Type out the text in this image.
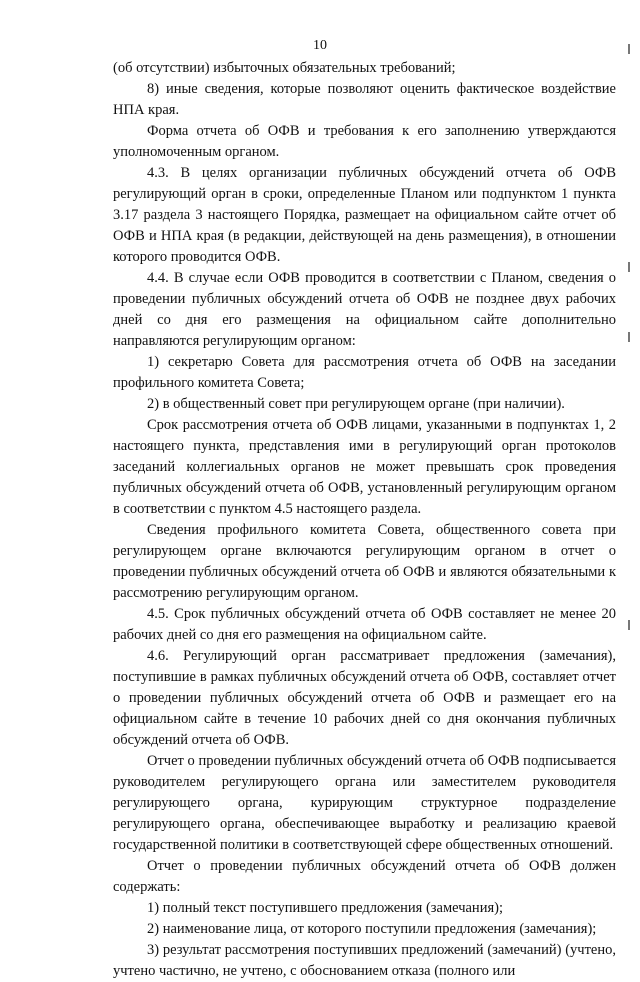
10

(об отсутствии) избыточных обязательных требований;

8) иные сведения, которые позволяют оценить фактическое воздействие НПА края.

Форма отчета об ОФВ и требования к его заполнению утверждаются уполномоченным органом.

4.3. В целях организации публичных обсуждений отчета об ОФВ регулирующий орган в сроки, определенные Планом или подпунктом 1 пункта 3.17 раздела 3 настоящего Порядка, размещает на официальном сайте отчет об ОФВ и НПА края (в редакции, действующей на день размещения), в отношении которого проводится ОФВ.

4.4. В случае если ОФВ проводится в соответствии с Планом, сведения о проведении публичных обсуждений отчета об ОФВ не позднее двух рабочих дней со дня его размещения на официальном сайте дополнительно направляются регулирующим органом:

1) секретарю Совета для рассмотрения отчета об ОФВ на заседании профильного комитета Совета;

2) в общественный совет при регулирующем органе (при наличии).

Срок рассмотрения отчета об ОФВ лицами, указанными в подпунктах 1, 2 настоящего пункта, представления ими в регулирующий орган протоколов заседаний коллегиальных органов не может превышать срок проведения публичных обсуждений отчета об ОФВ, установленный регулирующим органом в соответствии с пунктом 4.5 настоящего раздела.

Сведения профильного комитета Совета, общественного совета при регулирующем органе включаются регулирующим органом в отчет о проведении публичных обсуждений отчета об ОФВ и являются обязательными к рассмотрению регулирующим органом.

4.5. Срок публичных обсуждений отчета об ОФВ составляет не менее 20 рабочих дней со дня его размещения на официальном сайте.

4.6. Регулирующий орган рассматривает предложения (замечания), поступившие в рамках публичных обсуждений отчета об ОФВ, составляет отчет о проведении публичных обсуждений отчета об ОФВ и размещает его на официальном сайте в течение 10 рабочих дней со дня окончания публичных обсуждений отчета об ОФВ.

Отчет о проведении публичных обсуждений отчета об ОФВ подписывается руководителем регулирующего органа или заместителем руководителя регулирующего органа, курирующим структурное подразделение регулирующего органа, обеспечивающее выработку и реализацию краевой государственной политики в соответствующей сфере общественных отношений.

Отчет о проведении публичных обсуждений отчета об ОФВ должен содержать:

1) полный текст поступившего предложения (замечания);

2) наименование лица, от которого поступили предложения (замечания);

3) результат рассмотрения поступивших предложений (замечаний) (учтено, учтено частично, не учтено, с обоснованием отказа (полного или
